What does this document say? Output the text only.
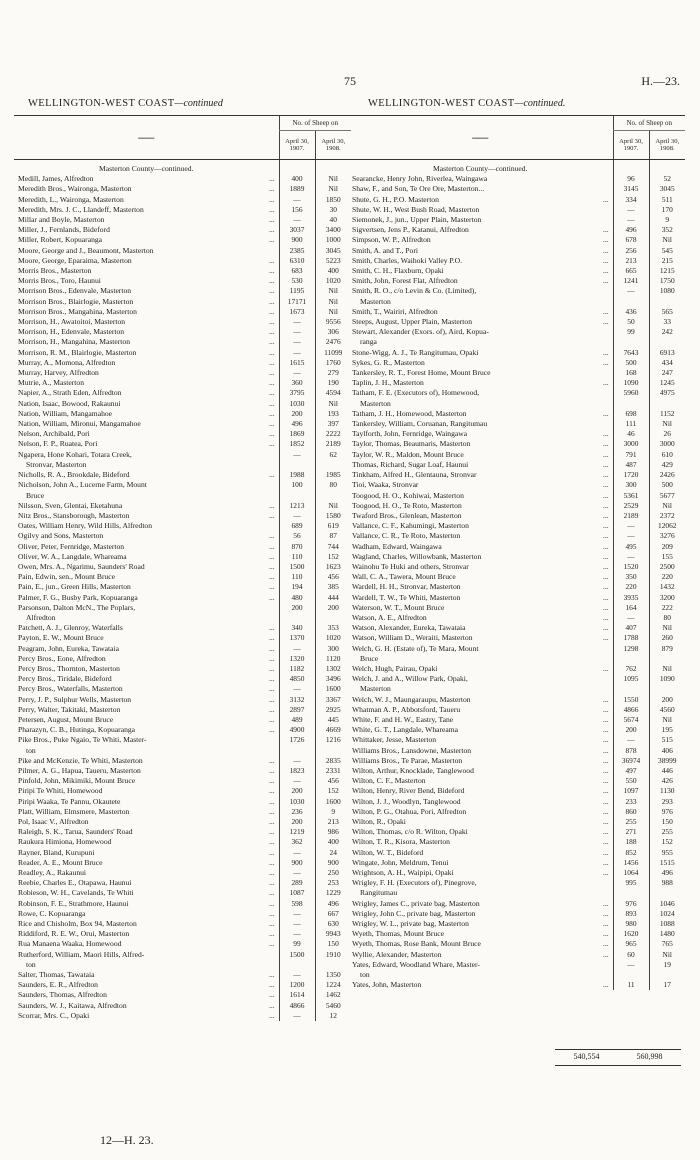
75	H.—23.
WELLINGTON-WEST COAST—continued	WELLINGTON-WEST COAST—continued.
—		No. of Sheep on	
		April 30,
1907.	April 30,
1908.

Masterton County—continued.			
Medill, James, Alfredton	...	400	Nil
Meredith Bros., Waironga, Masterton	...	1889	Nil
Meredith, L., Waironga, Masterton	...	—	1850
Meredith, Mrs. J. C., Llandeff, Masterton	...	156	30
Millar and Boyle, Masterton	...	—	40
Miller, J., Fernlands, Bideford	...	3037	3400
Miller, Robert, Kopuaranga	...	900	1000
Moore, George and J., Beaumont, Masterton		2385	3045
Moore, George, Eparaima, Masterton	...	6310	5223
Morris Bros., Masterton	...	683	400
Morris Bros., Toro, Haunui	...	530	1020
Morrison Bros., Edenvale, Masterton	...	1195	Nil
Morrison Bros., Blairlogie, Masterton	...	17171	Nil
Morrison Bros., Mangahina, Masterton	...	1673	Nil
Morrison, H., Awatoitoi, Masterton	...	—	9556
Morrison, H., Edenvale, Masterton	...	—	306
Morrison, H., Mangahina, Masterton	...	—	2476
Morrison, R. M., Blairlogie, Masterton	...	—	11099
Murray, A., Momona, Alfredton	...	1615	1760
Murray, Harvey, Alfredton	...	—	279
Mutrie, A., Masterton	...	360	190
Napier, A., Strath Eden, Alfredton	...	3795	4594
Nation, Isaac, Bowood, Rakaunui	...	1030	Nil
Nation, William, Mangamahoe	...	200	193
Nation, William, Mironui, Mangamahoe	...	496	397
Nelson, Archibald, Pori	...	1869	2222
Nelson, F. P., Ruatea, Pori	...	1852	2189
Ngapera, Hone Kohari, Totara Creek,		—	62
Stronvar, Masterton			
Nicholls, R. A., Brookdale, Bideford	...	1988	1985
Nicholson, John A., Lucerne Farm, Mount		100	80
Bruce			
Nilsson, Sven, Glentai, Eketahuna	...	1213	Nil
Nitz Bros., Stansborough, Masterton	...	—	1580
Oates, William Henry, Wild Hills, Alfredton		689	619
Ogilvy and Sons, Masterton	...	56	87
Oliver, Peter, Fernridge, Masterton	...	870	744
Oliver, W. A., Langdale, Whareama	...	110	152
Owen, Mrs. A., Ngarimu, Saunders' Road	...	1500	1623
Pain, Edwin, sen., Mount Bruce	...	110	456
Pain, E., jun., Green Hills, Masterton	...	194	385
Palmer, F. G., Busby Park, Kopuaranga	...	480	444
Parsonson, Dalton McN., The Poplars,		200	200
Alfredton			
Patchett, A. J., Glenroy, Waterfalls	...	340	353
Payton, E. W., Mount Bruce	...	1370	1020
Peagram, John, Eureka, Tawataia	...	—	300
Percy Bros., Eone, Alfredton	...	1320	1120
Percy Bros., Thornton, Masterton	...	1182	1302
Percy Bros., Tiridale, Bideford	...	4850	3496
Percy Bros., Waterfalls, Masterton	...	—	1600
Perry, J. P., Sulphur Wells, Masterton	...	3132	3367
Perry, Walter, Takitaki, Masterton	...	2897	2925
Petersen, August, Mount Bruce	...	489	445
Pharazyn, C. B., Hutinga, Kopuaranga	...	4900	4669
Pike Bros., Puke Ngaio, Te Whiti, Master-		1726	1216
ton			
Pike and McKenzie, Te Whiti, Masterton	...	—	2835
Pilmer, A. G., Hapua, Taueru, Masterton	...	1823	2331
Pinfold, John, Mikimiki, Mount Bruce	...	—	456
Piripi Te Whiti, Homewood	...	200	152
Piripi Waaka, Te Pannu, Okautete	...	1030	1600
Platt, William, Elmsmere, Masterton	...	236	9
Pol, Isaac V., Alfredton	...	200	213
Raleigh, S. K., Tarua, Saunders' Road	...	1219	986
Raukura Himiona, Homewood	...	362	400
Rayner, Bland, Kurupuni	...	—	24
Reader, A. E., Mount Bruce	...	900	900
Readley, A., Rakaunui	...	—	250
Reebie, Charles E., Otapawa, Haunui	...	289	253
Robieson, W. H., Cavelands, Te Whiti	...	1087	1229
Robinson, F. E., Strathmore, Haunui	...	598	496
Rowe, C. Kopuaranga	...	—	667
Rice and Chisholm, Box 94, Masterton	...	—	630
Riddiford, R. E. W., Orui, Masterton	...	—	9943
Rua Manaena Waaka, Homewood	...	99	150
Rutherford, William, Maori Hills, Alfred-		1500	1910
ton			
Salter, Thomas, Tawataia	...	—	1350
Saunders, E. R., Alfredton	...	1200	1224
Saunders, Thomas, Alfredton	...	1614	1462
Saunders, W. J., Kaitawa, Alfredton	...	4866	5460
Scorrar, Mrs. C., Opaki	...	—	12
—		No. of Sheep on	
		April 30,
1907.	April 30,
1908.

Masterton County—continued.			
Searancke, Henry John, Riverlea, Waingawa		96	52
Shaw, F., and Son, Te Ore Ore, Masterton...		3145	3045
Shute, G. H., P.O. Masterton	...	334	511
Shute, W. H., West Bush Road, Masterton		—	170
Siemonek, J., jun., Upper Plain, Masterton		—	9
Sigvertsen, Jens P., Katanui, Alfredton	...	496	352
Simpson, W. P., Alfredton	...	678	Nil
Smith, A. and T., Pori	...	256	545
Smith, Charles, Waihoki Valley P.O.	...	213	215
Smith, C. H., Flaxburn, Opaki	...	665	1215
Smith, John, Forest Flat, Alfredton	...	1241	1750
Smith, R. O., c/o Levin & Co. (Limited),		—	1080
Masterton			
Smith, T., Wairiri, Alfredton	...	436	565
Steeps, August, Upper Plain, Masterton	...	50	33
Stewart, Alexander (Exors. of), Aird, Kopua-		99	242
ranga			
Stone-Wigg, A. J., Te Rangitumau, Opaki	...	7643	6913
Sykes, G. R., Masterton	...	500	434
Tankersley, R. T., Forest Home, Mount Bruce		168	247
Taplin, J. H., Masterton	...	1090	1245
Tatham, F. E. (Executors of), Homewood,		5960	4975
Masterton			
Tatham, J. H., Homewood, Masterton	...	698	1152
Tankersley, William, Coruanan, Rangitumau		111	Nil
Taylforth, John, Fernridge, Waingawa	...	46	26
Taylor, Thomas, Beaumaris, Masterton	...	3000	3000
Taylor, W. R., Maldon, Mount Bruce	...	791	610
Thomas, Richard, Sugar Loaf, Haunui	...	487	429
Tinkham, Alfred H., Glentauna, Stronvar	...	1720	2426
Tioi, Waaka, Stronvar	...	300	500
Toogood, H. O., Kohiwai, Masterton	...	5361	5677
Toogood, H. O., Te Roto, Masterton	...	2529	Nil
Twaford Bros., Glenlean, Masterton	...	2189	2372
Vallance, C. F., Kahumingi, Masterton	...	—	12062
Vallance, C. R., Te Roto, Masterton	...	—	3276
Wadham, Edward, Waingawa	...	495	209
Wagland, Charles, Willowbank, Masterton	...	—	155
Wainohu Te Huki and others, Stronvar	...	1520	2500
Wall, C. A., Tawera, Mount Bruce	...	350	220
Wardell, H. H., Stronvar, Masterton	...	220	1432
Wardell, T. W., Te Whiti, Masterton	...	3935	3200
Waterson, W. T., Mount Bruce	...	164	222
Watson, A. E., Alfredton	...	—	80
Watson, Alexander, Eureka, Tawataia	...	407	Nil
Watson, William D., Weraiti, Masterton	...	1788	260
Welch, G. H. (Estate of), Te Mara, Mount		1298	879
Bruce			
Welch, Hugh, Pairau, Opaki	...	762	Nil
Welch, J. and A., Willow Park, Opaki,		1095	1090
Masterton			
Welch, W. J., Maungaraupu, Masterton	...	1550	200
Whatman A. P., Abbotsford, Taueru	...	4866	4560
White, F. and H. W., Eastry, Tane	...	5674	Nil
White, G. T., Langdale, Whareama	...	200	195
Whittaker, Jesse, Masterton	...	—	515
Williams Bros., Lansdowne, Masterton	...	878	406
Williams Bros., Te Parae, Masterton	...	36974	38999
Wilton, Arthur, Knocklade, Tanglewood	...	497	446
Wilton, C. F., Masterton	...	550	426
Wilton, Henry, River Bend, Bideford	...	1097	1130
Wilton, J. J., Woodlyn, Tanglewood	...	233	293
Wilton, P. G., Otahua, Pori, Alfredton	...	860	976
Wilton, R., Opaki	...	255	150
Wilton, Thomas, c/o R. Wilton, Opaki	...	271	255
Wilton, T. R., Kisora, Masterton	...	188	152
Wilton, W. T., Bideford	...	852	955
Wingate, John, Meldrum, Tenui	...	1456	1515
Wrightson, A. H., Waipipi, Opaki	...	1064	496
Wrigley, F. H. (Executors of), Pinegrove,		995	988
Rangitumau			
Wrigley, James C., private bag, Masterton	...	976	1046
Wrigley, John C., private bag, Masterton	...	893	1024
Wrigley, W. L., private bag, Masterton	...	980	1088
Wyeth, Thomas, Mount Bruce	...	1620	1480
Wyeth, Thomas, Rose Bank, Mount Bruce	...	965	765
Wyllie, Alexander, Masterton	...	60	Nil
Yates, Edward, Woodland Whare, Master-		—	19
ton			
Yates, John, Masterton	...	11	17
540,554	560,998
12—H. 23.
